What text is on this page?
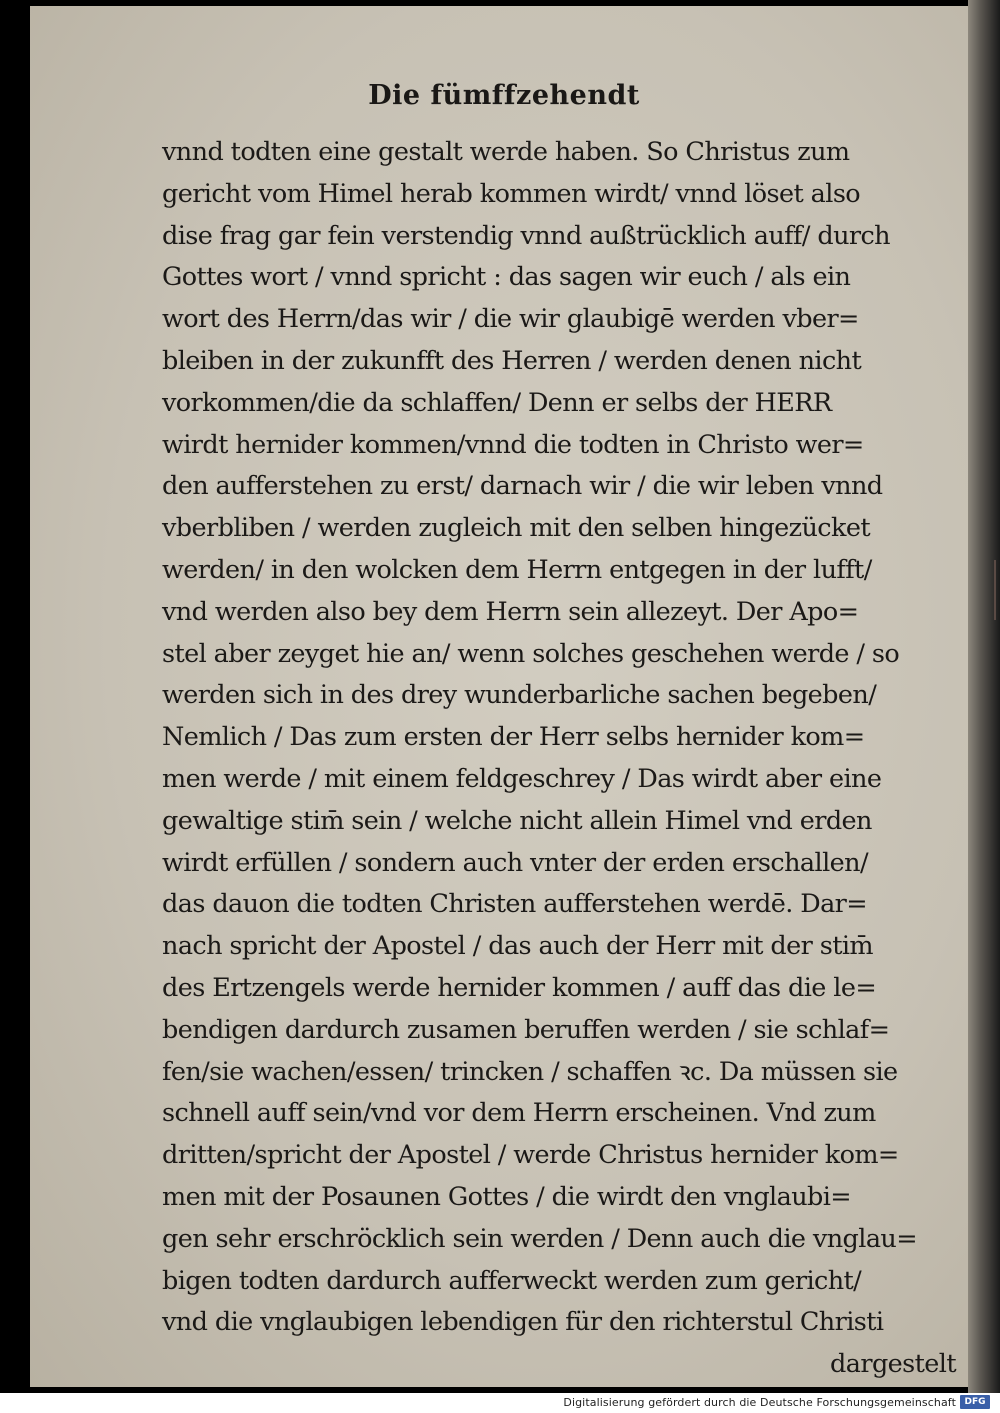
Die fümffzehendt
vnnd todten eine gestalt werde haben. So Christus zum
gericht vom Himel herab kommen wirdt/ vnnd löset also
dise frag gar fein verstendig vnnd außtrücklich auff/ durch
Gottes wort / vnnd spricht : das sagen wir euch / als ein
wort des Herrn/das wir / die wir glaubigē werden vber=
bleiben in der zukunfft des Herren / werden denen nicht
vorkommen/die da schlaffen/ Denn er selbs der HERR
wirdt hernider kommen/vnnd die todten in Christo wer=
den aufferstehen zu erst/ darnach wir / die wir leben vnnd
vberbliben / werden zugleich mit den selben hingezücket
werden/ in den wolcken dem Herrn entgegen in der lufft/
vnd werden also bey dem Herrn sein allezeyt. Der Apo=
stel aber zeyget hie an/ wenn solches geschehen werde / so
werden sich in des drey wunderbarliche sachen begeben/
Nemlich / Das zum ersten der Herr selbs hernider kom=
men werde / mit einem feldgeschrey / Das wirdt aber eine
gewaltige stim̄ sein / welche nicht allein Himel vnd erden
wirdt erfüllen / sondern auch vnter der erden erschallen/
das dauon die todten Christen aufferstehen werdē. Dar=
nach spricht der Apostel / das auch der Herr mit der stim̄
des Ertzengels werde hernider kommen / auff das die le=
bendigen dardurch zusamen beruffen werden / sie schlaf=
fen/sie wachen/essen/ trincken / schaffen ꝛc. Da müssen sie
schnell auff sein/vnd vor dem Herrn erscheinen. Vnd zum
dritten/spricht der Apostel / werde Christus hernider kom=
men mit der Posaunen Gottes / die wirdt den vnglaubi=
gen sehr erschröcklich sein werden / Denn auch die vnglau=
bigen todten dardurch aufferweckt werden zum gericht/
vnd die vnglaubigen lebendigen für den richterstul Christi
dargestelt
Digitalisierung gefördert durch die Deutsche Forschungsgemeinschaft DFG
